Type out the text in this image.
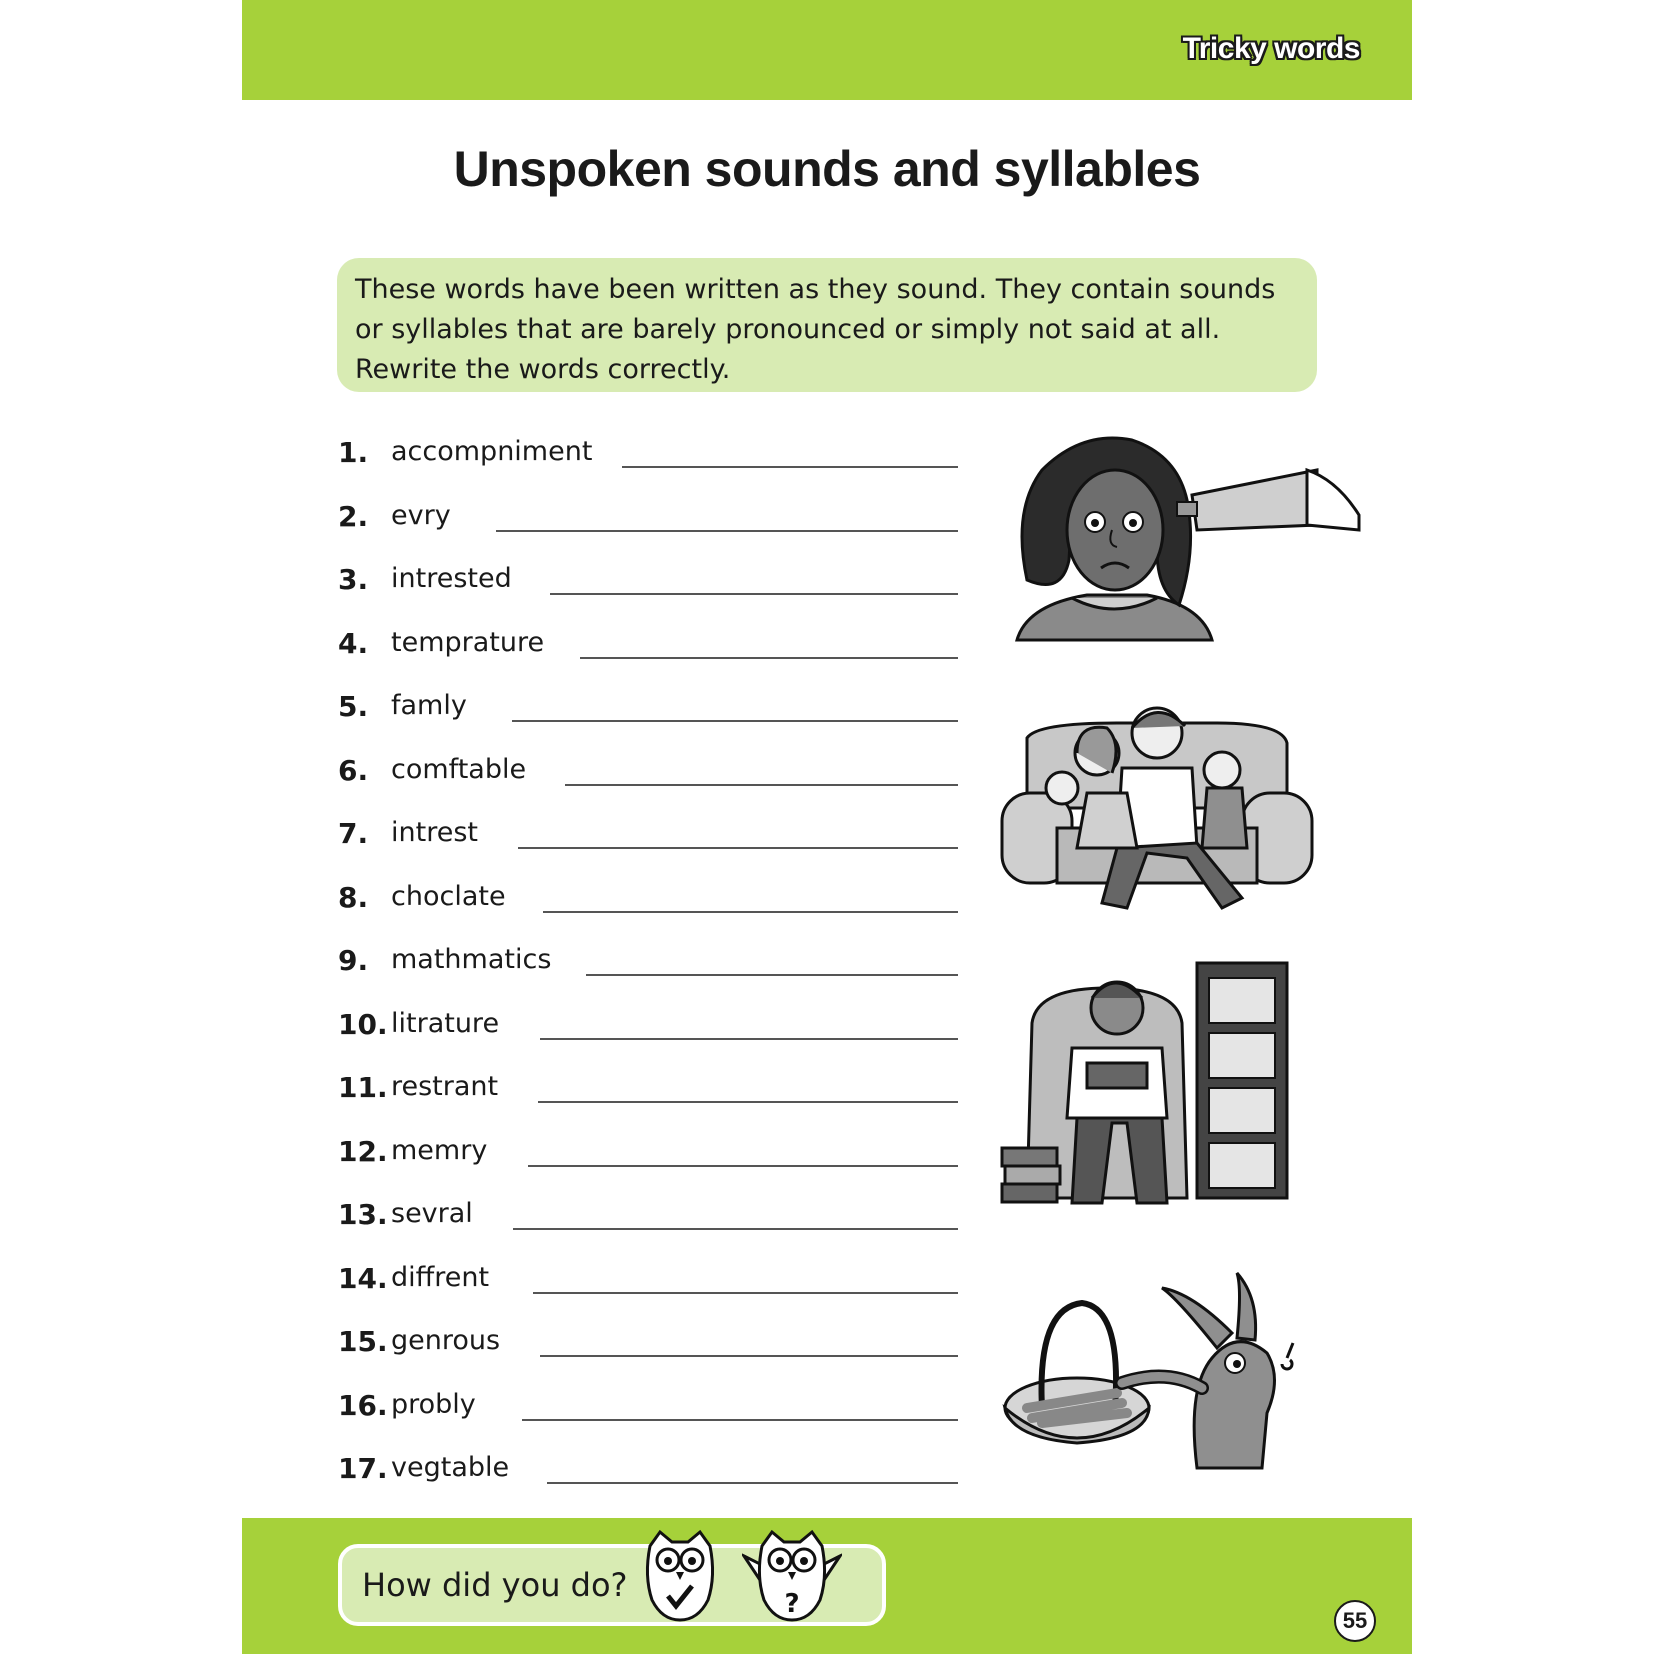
Tricky words
Unspoken sounds and syllables
These words have been written as they sound. They contain sounds or syllables that are barely pronounced or simply not said at all. Rewrite the words correctly.
1. accompniment
2. evry
3. intrested
4. temprature
5. famly
6. comftable
7. intrest
8. choclate
9. mathmatics
10. litrature
11. restrant
12. memry
13. sevral
14. diffrent
15. genrous
16. probly
17. vegtable
How did you do?	?
55
